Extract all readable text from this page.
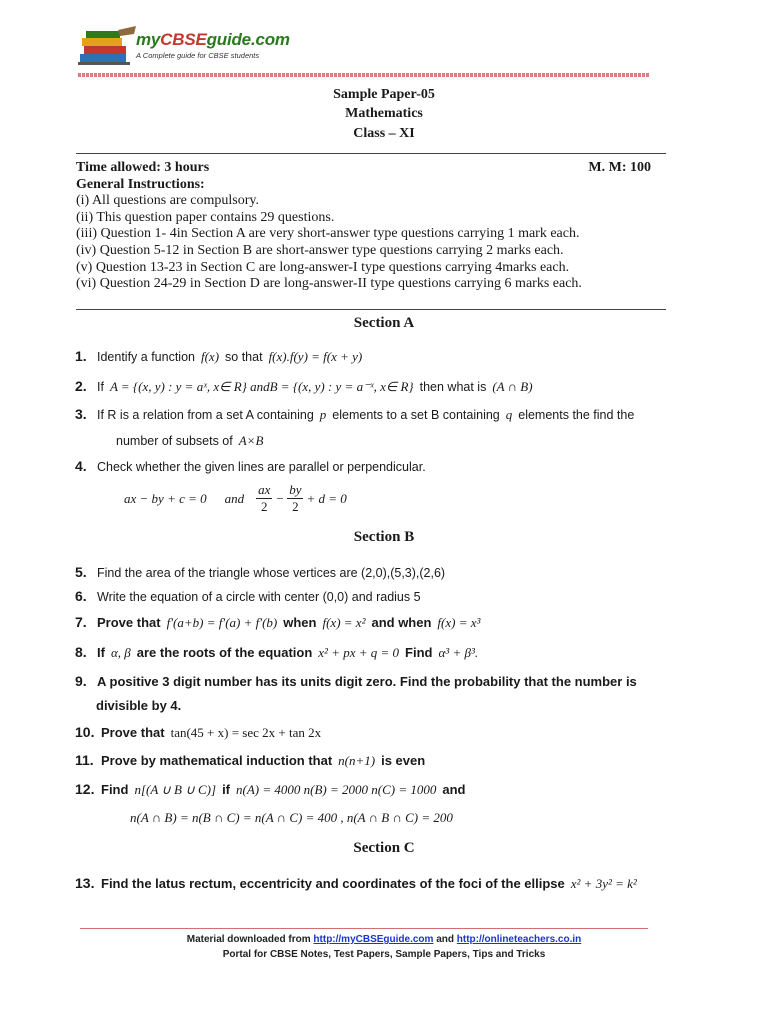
myCBSEguide.com
A Complete guide for CBSE students
Sample Paper-05
Mathematics
Class – XI
Time allowed: 3 hours	M. M: 100
General Instructions:
(i) All questions are compulsory.
(ii) This question paper contains 29 questions.
(iii) Question 1- 4in Section A are very short-answer type questions carrying 1 mark each.
(iv) Question 5-12 in Section B are short-answer type questions carrying 2 marks each.
(v) Question 13-23 in Section C are long-answer-I type questions carrying 4marks each.
(vi) Question 24-29 in Section D are long-answer-II type questions carrying 6 marks each.
Section A
1. Identify a function f(x) so that f(x).f(y) = f(x + y)
2. If A = {(x, y) : y = aˣ, x∈ R} andB = {(x, y) : y = a⁻ˣ, x∈ R} then what is (A ∩ B)
3. If R is a relation from a set A containing p elements to a set B containing q elements the find the
number of subsets of A×B
4. Check whether the given lines are parallel or perpendicular.
ax − by + c = 0 and $\frac{ax}{2} - \frac{by}{2} + d = 0$
Section B
5. Find the area of the triangle whose vertices are (2,0),(5,3),(2,6)
6. Write the equation of a circle with center (0,0) and radius 5
7. Prove that f′(a+b) = f′(a) + f′(b) when f(x) = x² and when f(x) = x³
8. If α, β are the roots of the equation x² + px + q = 0 Find α³ + β³.
9. A positive 3 digit number has its units digit zero. Find the probability that the number is
divisible by 4.
10. Prove that tan(45 + x) = sec 2x + tan 2x
11. Prove by mathematical induction that n(n+1) is even
12. Find n[(A ∪ B ∪ C)] if n(A) = 4000 n(B) = 2000 n(C) = 1000 and
n(A ∩ B) = n(B ∩ C) = n(A ∩ C) = 400 , n(A ∩ B ∩ C) = 200
Section C
13. Find the latus rectum, eccentricity and coordinates of the foci of the ellipse x² + 3y² = k²
Material downloaded from http://myCBSEguide.com and http://onlineteachers.co.in
Portal for CBSE Notes, Test Papers, Sample Papers, Tips and Tricks
